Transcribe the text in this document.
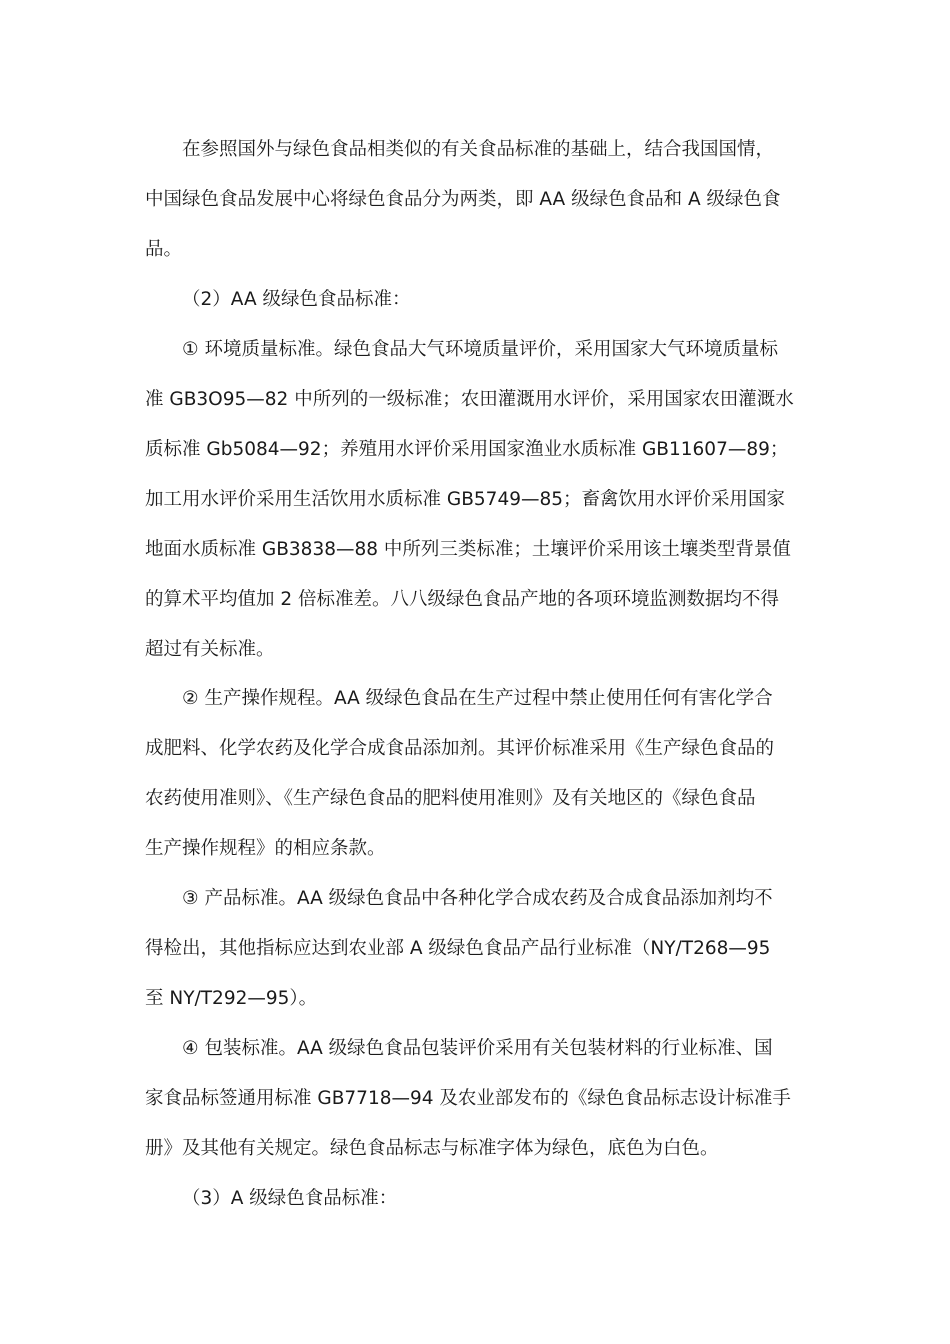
在参照国外与绿色食品相类似的有关食品标准的基础上，结合我国国情，

中国绿色食品发展中心将绿色食品分为两类，即 AA 级绿色食品和 A 级绿色食

品。

（2）AA 级绿色食品标准：

① 环境质量标准。绿色食品大气环境质量评价，采用国家大气环境质量标

准 GB3O95—82 中所列的一级标准；农田灌溉用水评价，采用国家农田灌溉水

质标准 Gb5084—92；养殖用水评价采用国家渔业水质标准 GB11607—89；

加工用水评价采用生活饮用水质标准 GB5749—85；畜禽饮用水评价采用国家

地面水质标准 GB3838—88 中所列三类标准；土壤评价采用该土壤类型背景值

的算术平均值加 2 倍标准差。八八级绿色食品产地的各项环境监测数据均不得

超过有关标准。

② 生产操作规程。AA 级绿色食品在生产过程中禁止使用任何有害化学合

成肥料、化学农药及化学合成食品添加剂。其评价标准采用《生产绿色食品的

农药使用准则》、《生产绿色食品的肥料使用准则》及有关地区的《绿色食品

生产操作规程》的相应条款。

③ 产品标准。AA 级绿色食品中各种化学合成农药及合成食品添加剂均不

得检出，其他指标应达到农业部 A 级绿色食品产品行业标准（NY/T268—95

至 NY/T292—95）。

④ 包装标准。AA 级绿色食品包装评价采用有关包装材料的行业标准、国

家食品标签通用标准 GB7718—94 及农业部发布的《绿色食品标志设计标准手

册》及其他有关规定。绿色食品标志与标准字体为绿色，底色为白色。

（3）A 级绿色食品标准：
